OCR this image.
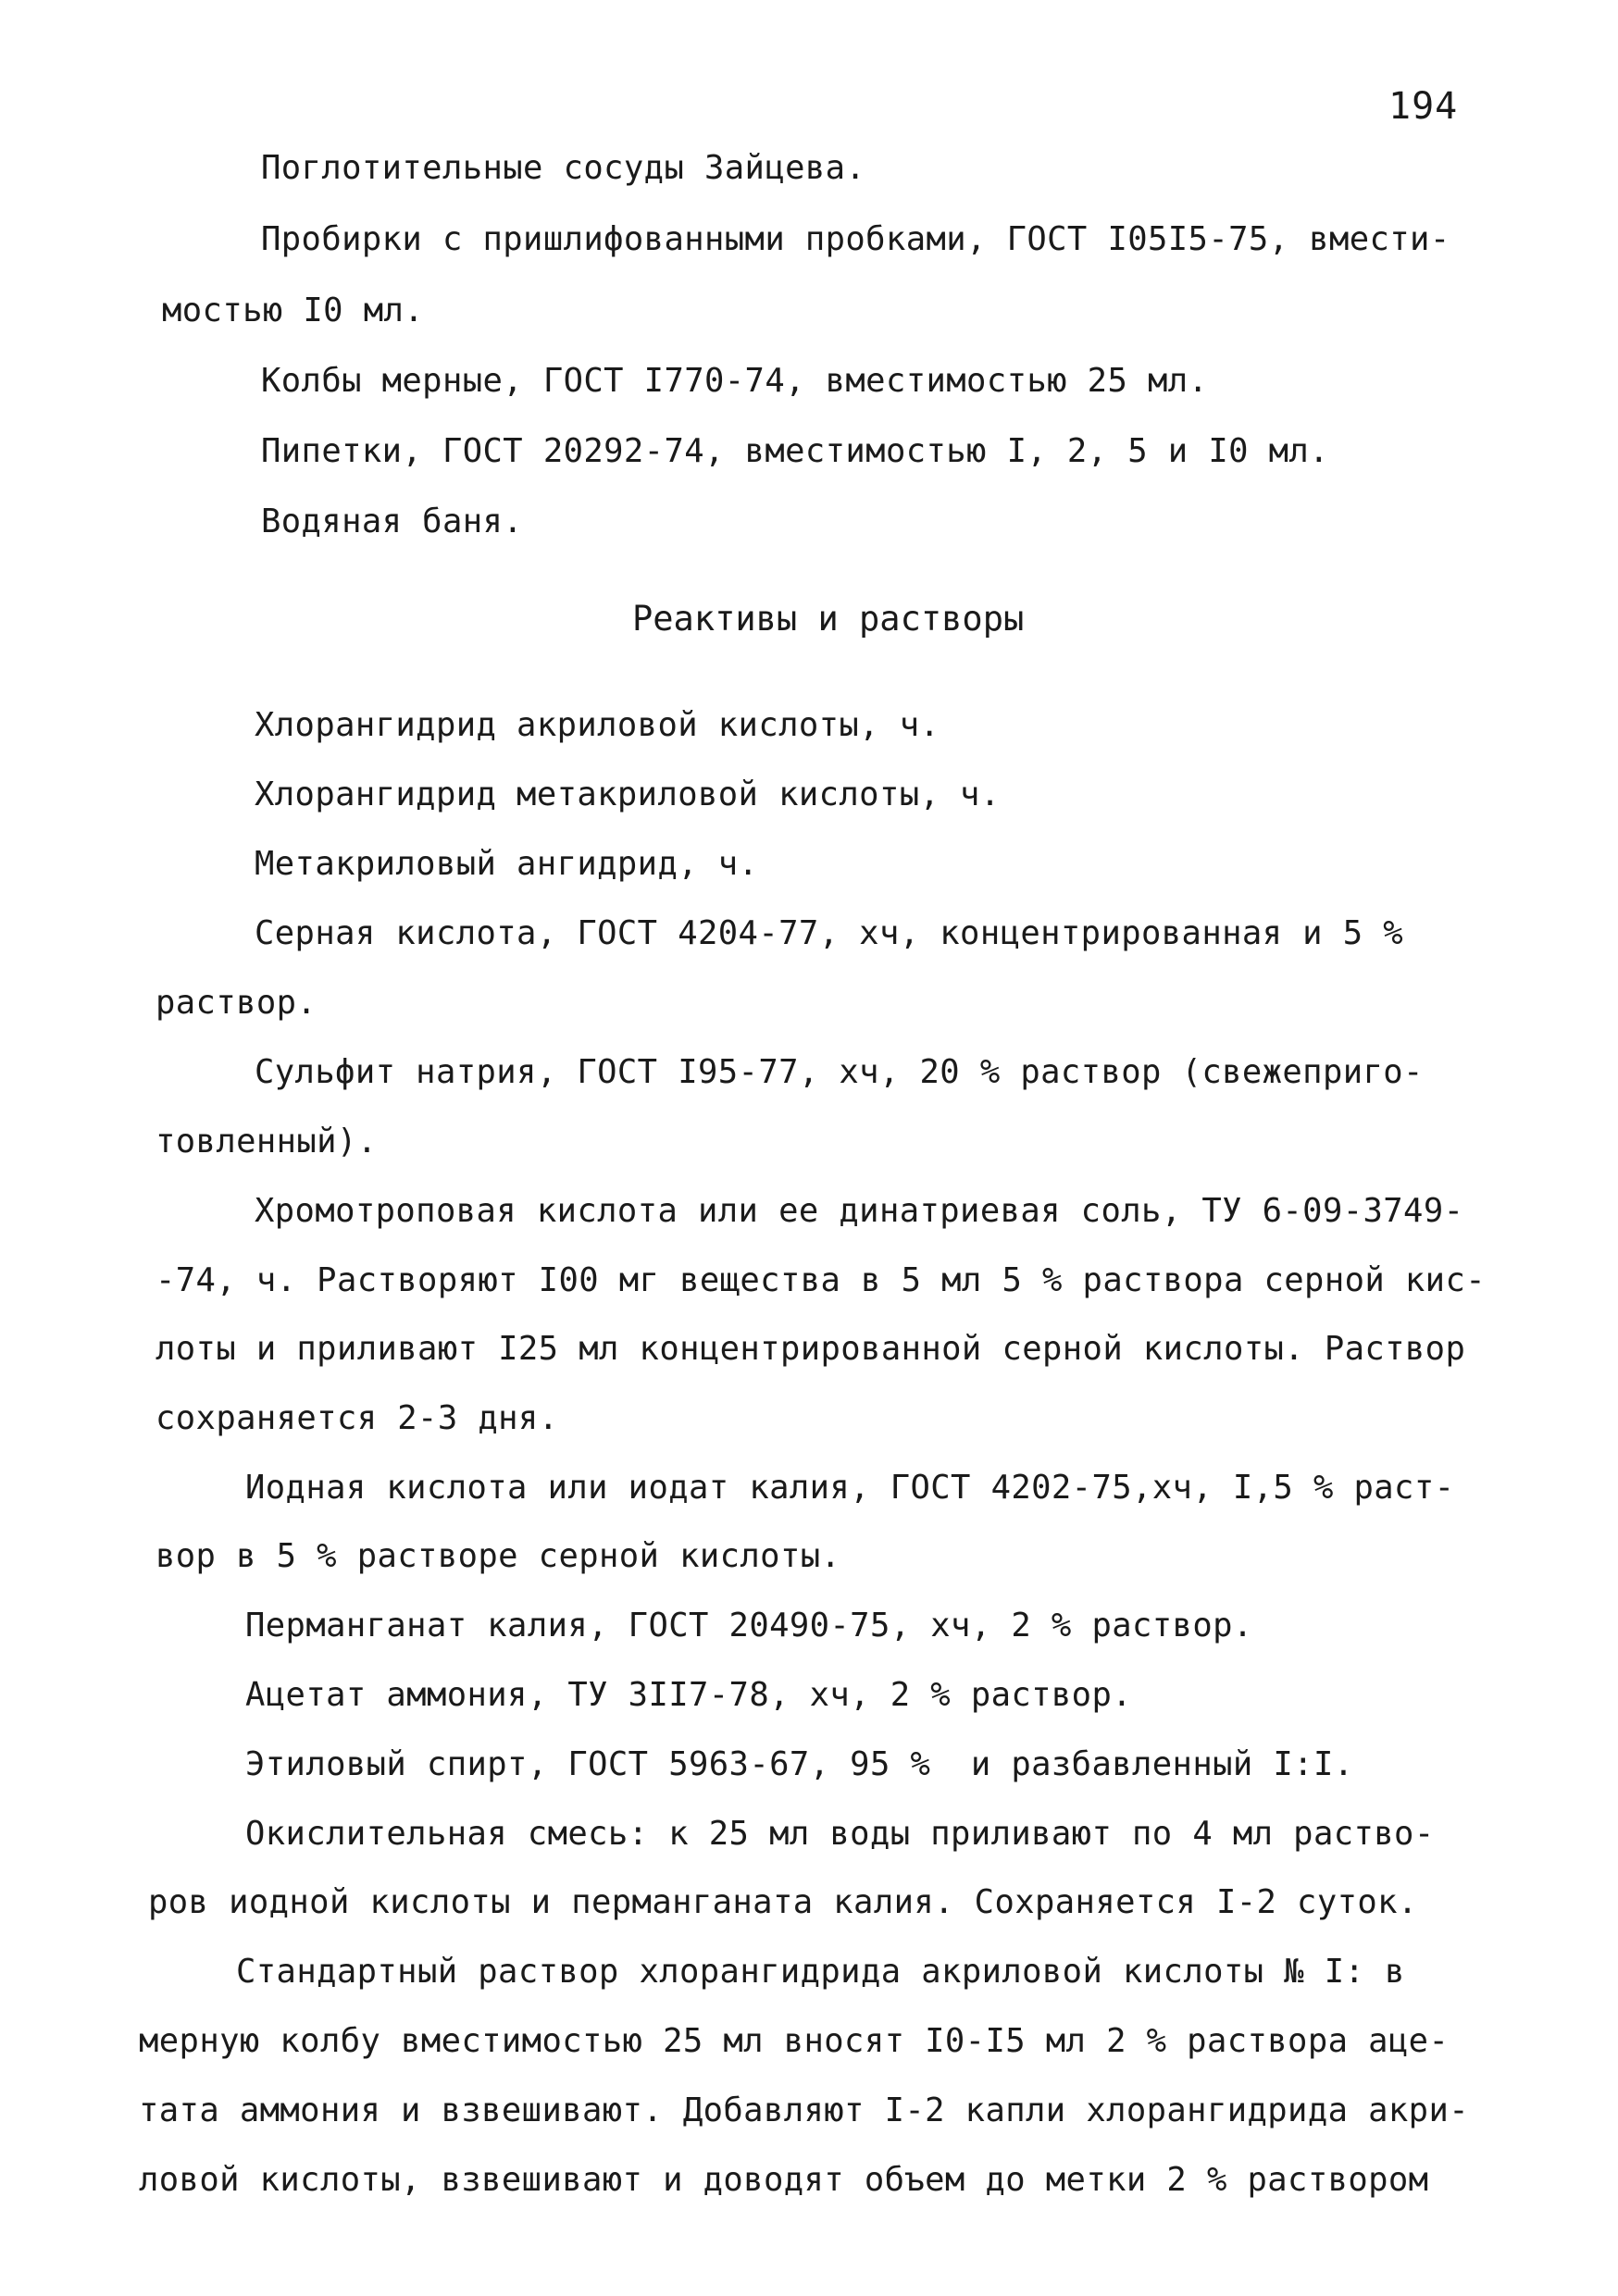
194
Поглотительные сосуды Зайцева.
Пробирки с пришлифованными пробками, ГОСТ I05I5-75, вмести-
мостью I0 мл.
Колбы мерные, ГОСТ I770-74, вместимостью 25 мл.
Пипетки, ГОСТ 20292-74, вместимостью I, 2, 5 и I0 мл.
Водяная баня.
Реактивы и растворы
Хлорангидрид акриловой кислоты, ч.
Хлорангидрид метакриловой кислоты, ч.
Метакриловый ангидрид, ч.
Серная кислота, ГОСТ 4204-77, хч, концентрированная и 5 %
раствор.
Сульфит натрия, ГОСТ I95-77, хч, 20 % раствор (свежеприго-
товленный).
Хромотроповая кислота или ее динатриевая соль, ТУ 6-09-3749-
-74, ч. Растворяют I00 мг вещества в 5 мл 5 % раствора серной кис-
лоты и приливают I25 мл концентрированной серной кислоты. Раствор
сохраняется 2-3 дня.
Иодная кислота или иодат калия, ГОСТ 4202-75,хч, I,5 % раст-
вор в 5 % растворе серной кислоты.
Перманганат калия, ГОСТ 20490-75, хч, 2 % раствор.
Ацетат аммония, ТУ 3II7-78, хч, 2 % раствор.
Этиловый спирт, ГОСТ 5963-67, 95 %  и разбавленный I:I.
Окислительная смесь: к 25 мл воды приливают по 4 мл раство-
ров иодной кислоты и перманганата калия. Сохраняется I-2 суток.
Стандартный раствор хлорангидрида акриловой кислоты № I: в
мерную колбу вместимостью 25 мл вносят I0-I5 мл 2 % раствора аце-
тата аммония и взвешивают. Добавляют I-2 капли хлорангидрида акри-
ловой кислоты, взвешивают и доводят объем до метки 2 % раствором
